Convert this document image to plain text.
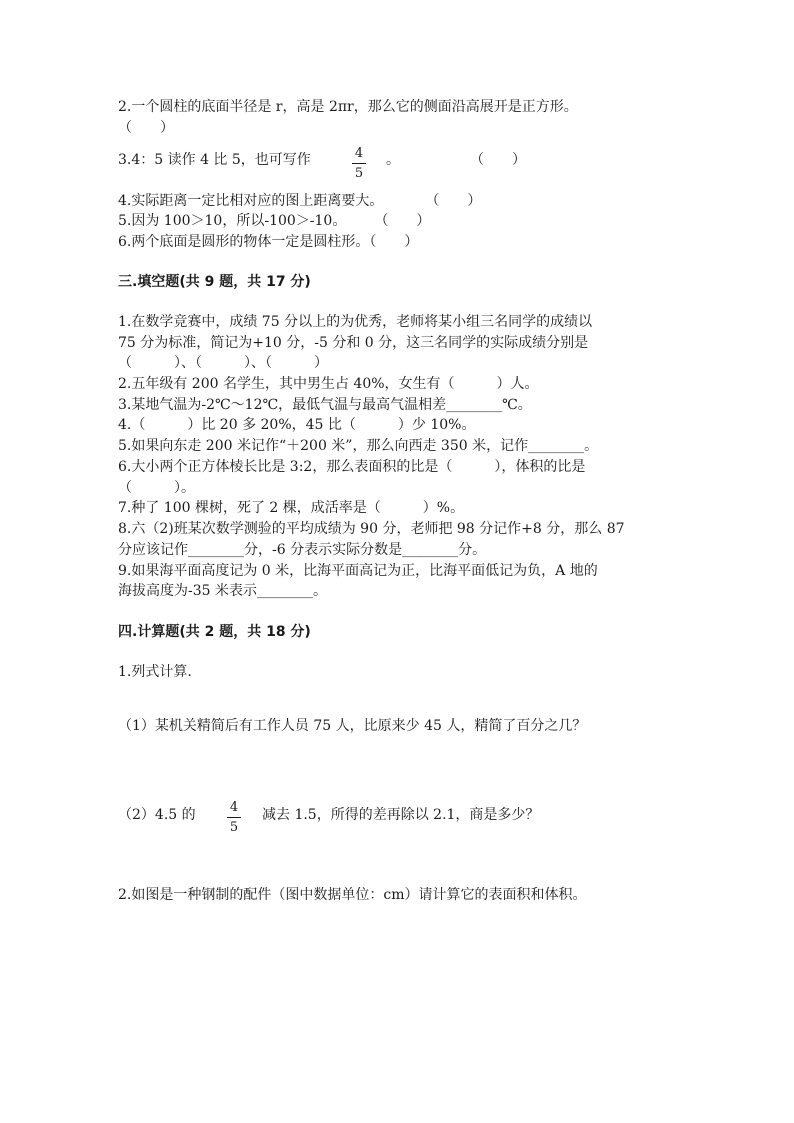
2.一个圆柱的底面半径是 r，高是 2πr，那么它的侧面沿高展开是正方形。
（　　）
3.4：5 读作 4 比 5，也可写作	4
5
。　　　　　　（　　）
4.实际距离一定比相对应的图上距离要大。　　　　（　　）
5.因为 100＞10，所以-100＞-10。　　　（　　）
6.两个底面是圆形的物体一定是圆柱形。（　　）
三.填空题(共 9 题，共 17 分)
1.在数学竞赛中，成绩 75 分以上的为优秀，老师将某小组三名同学的成绩以
75 分为标准，简记为+10 分，-5 分和 0 分，这三名同学的实际成绩分别是
（　　　）、（　　　）、（　　　）
2.五年级有 200 名学生，其中男生占 40%，女生有（　　　）人。
3.某地气温为-2℃～12℃，最低气温与最高气温相差________℃。
4.（　　　）比 20 多 20%，45 比（　　　）少 10%。
5.如果向东走 200 米记作“＋200 米”，那么向西走 350 米，记作________。
6.大小两个正方体棱长比是 3:2，那么表面积的比是（　　　），体积的比是
（　　　）。
7.种了 100 棵树，死了 2 棵，成活率是（　　　）%。
8.六（2)班某次数学测验的平均成绩为 90 分，老师把 98 分记作+8 分，那么 87
分应该记作________分，-6 分表示实际分数是________分。
9.如果海平面高度记为 0 米，比海平面高记为正，比海平面低记为负，A 地的
海拔高度为-35 米表示________。
四.计算题(共 2 题，共 18 分)
1.列式计算.
（1）某机关精简后有工作人员 75 人，比原来少 45 人，精简了百分之几？
（2）4.5 的	4
5
减去 1.5，所得的差再除以 2.1，商是多少？
2.如图是一种钢制的配件（图中数据单位：cm）请计算它的表面积和体积。
